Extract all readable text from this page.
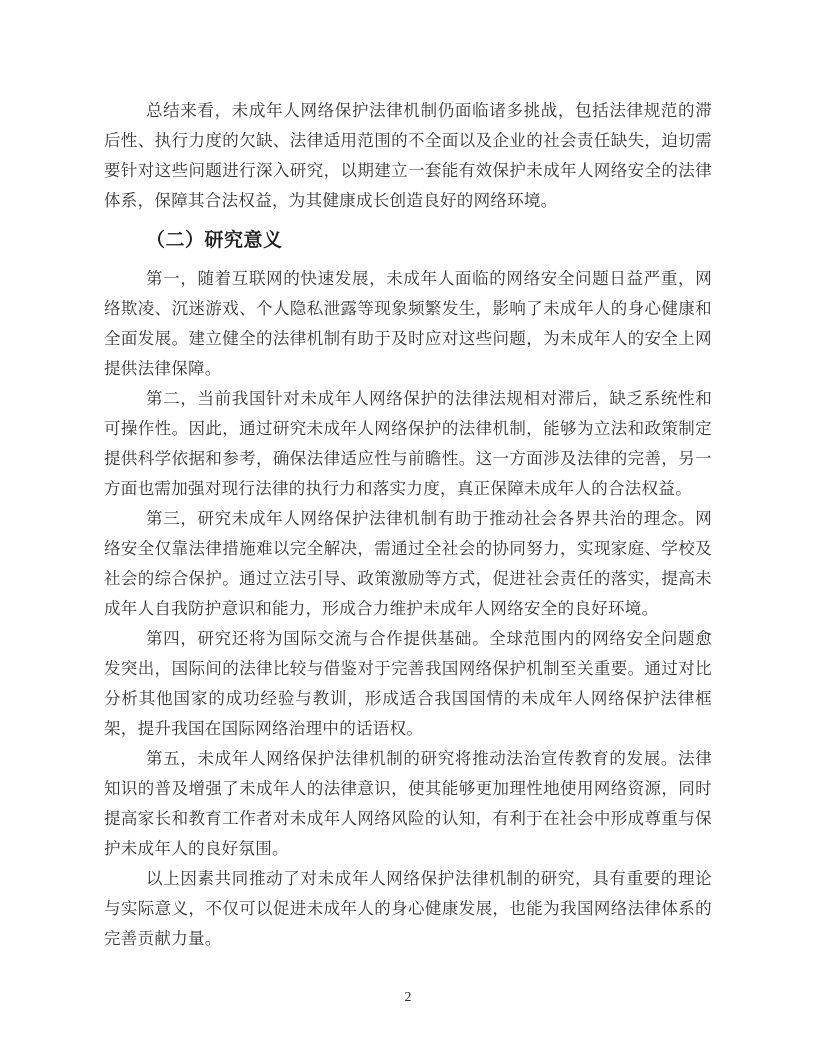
总结来看，未成年人网络保护法律机制仍面临诸多挑战，包括法律规范的滞后性、执行力度的欠缺、法律适用范围的不全面以及企业的社会责任缺失，迫切需要针对这些问题进行深入研究，以期建立一套能有效保护未成年人网络安全的法律体系，保障其合法权益，为其健康成长创造良好的网络环境。

（二）研究意义

第一，随着互联网的快速发展，未成年人面临的网络安全问题日益严重，网络欺凌、沉迷游戏、个人隐私泄露等现象频繁发生，影响了未成年人的身心健康和全面发展。建立健全的法律机制有助于及时应对这些问题，为未成年人的安全上网提供法律保障。

第二，当前我国针对未成年人网络保护的法律法规相对滞后，缺乏系统性和可操作性。因此，通过研究未成年人网络保护的法律机制，能够为立法和政策制定提供科学依据和参考，确保法律适应性与前瞻性。这一方面涉及法律的完善，另一方面也需加强对现行法律的执行力和落实力度，真正保障未成年人的合法权益。

第三，研究未成年人网络保护法律机制有助于推动社会各界共治的理念。网络安全仅靠法律措施难以完全解决，需通过全社会的协同努力，实现家庭、学校及社会的综合保护。通过立法引导、政策激励等方式，促进社会责任的落实，提高未成年人自我防护意识和能力，形成合力维护未成年人网络安全的良好环境。

第四，研究还将为国际交流与合作提供基础。全球范围内的网络安全问题愈发突出，国际间的法律比较与借鉴对于完善我国网络保护机制至关重要。通过对比分析其他国家的成功经验与教训，形成适合我国国情的未成年人网络保护法律框架，提升我国在国际网络治理中的话语权。

第五，未成年人网络保护法律机制的研究将推动法治宣传教育的发展。法律知识的普及增强了未成年人的法律意识，使其能够更加理性地使用网络资源，同时提高家长和教育工作者对未成年人网络风险的认知，有利于在社会中形成尊重与保护未成年人的良好氛围。

以上因素共同推动了对未成年人网络保护法律机制的研究，具有重要的理论与实际意义，不仅可以促进未成年人的身心健康发展，也能为我国网络法律体系的完善贡献力量。

2
